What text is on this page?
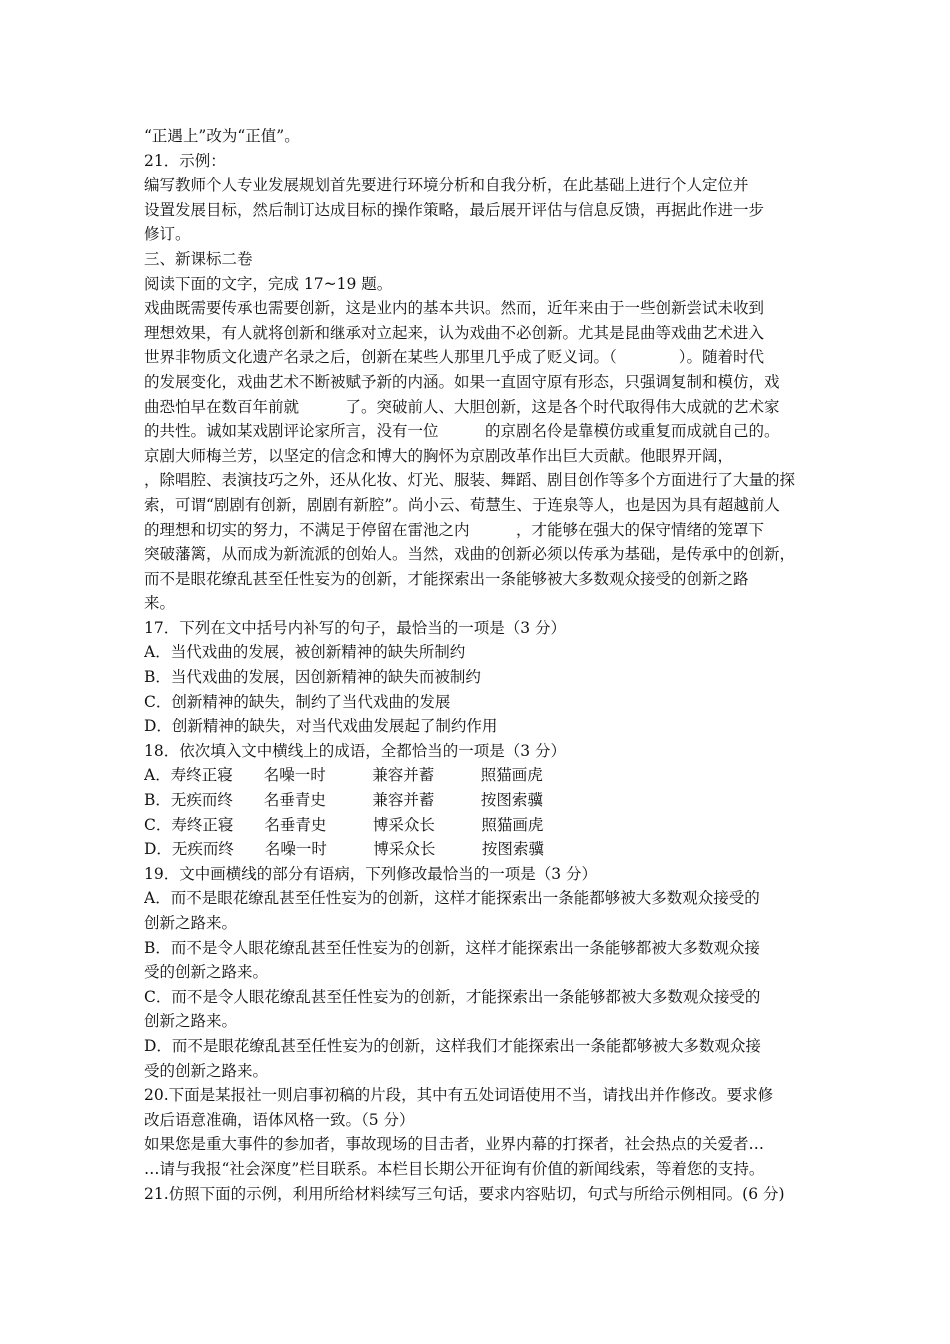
“正遇上”改为“正值”。
21．示例：
编写教师个人专业发展规划首先要进行环境分析和自我分析，在此基础上进行个人定位并
设置发展目标，然后制订达成目标的操作策略，最后展开评估与信息反馈，再据此作进一步
修订。
三、新课标二卷
阅读下面的文字，完成 17~19 题。
戏曲既需要传承也需要创新，这是业内的基本共识。然而，近年来由于一些创新尝试未收到
理想效果，有人就将创新和继承对立起来，认为戏曲不必创新。尤其是昆曲等戏曲艺术进入
世界非物质文化遗产名录之后，创新在某些人那里几乎成了贬义词。（　　　　）。随着时代
的发展变化，戏曲艺术不断被赋予新的内涵。如果一直固守原有形态，只强调复制和模仿，戏
曲恐怕早在数百年前就　　　了。突破前人、大胆创新，这是各个时代取得伟大成就的艺术家
的共性。诚如某戏剧评论家所言，没有一位　　　的京剧名伶是靠模仿或重复而成就自己的。
京剧大师梅兰芳，以坚定的信念和博大的胸怀为京剧改革作出巨大贡献。他眼界开阔，
，除唱腔、表演技巧之外，还从化妆、灯光、服装、舞蹈、剧目创作等多个方面进行了大量的探
索，可谓“剧剧有创新，剧剧有新腔”。尚小云、荀慧生、于连泉等人，也是因为具有超越前人
的理想和切实的努力，不满足于停留在雷池之内　　　，才能够在强大的保守情绪的笼罩下
突破藩篱，从而成为新流派的创始人。当然，戏曲的创新必须以传承为基础，是传承中的创新，
而不是眼花缭乱甚至任性妄为的创新，才能探索出一条能够被大多数观众接受的创新之路
来。
17．下列在文中括号内补写的句子，最恰当的一项是（3 分）
A．当代戏曲的发展，被创新精神的缺失所制约
B．当代戏曲的发展，因创新精神的缺失而被制约
C．创新精神的缺失，制约了当代戏曲的发展
D．创新精神的缺失，对当代戏曲发展起了制约作用
18．依次填入文中横线上的成语，全都恰当的一项是（3 分）
A．寿终正寝　　名噪一时　　　兼容并蓄　　　照猫画虎
B．无疾而终　　名垂青史　　　兼容并蓄　　　按图索骥
C．寿终正寝　　名垂青史　　　博采众长　　　照猫画虎
D．无疾而终　　名噪一时　　　博采众长　　　按图索骥
19．文中画横线的部分有语病，下列修改最恰当的一项是（3 分）
A．而不是眼花缭乱甚至任性妄为的创新，这样才能探索出一条能都够被大多数观众接受的
创新之路来。
B．而不是令人眼花缭乱甚至任性妄为的创新，这样才能探索出一条能够都被大多数观众接
受的创新之路来。
C．而不是令人眼花缭乱甚至任性妄为的创新，才能探索出一条能够都被大多数观众接受的
创新之路来。
D．而不是眼花缭乱甚至任性妄为的创新，这样我们才能探索出一条能都够被大多数观众接
受的创新之路来。
20.下面是某报社一则启事初稿的片段，其中有五处词语使用不当，请找出并作修改。要求修
改后语意准确，语体风格一致。（5 分）
如果您是重大事件的参加者，事故现场的目击者，业界内幕的打探者，社会热点的关爱者…
…请与我报“社会深度”栏目联系。本栏目长期公开征询有价值的新闻线索，等着您的支持。
21.仿照下面的示例，利用所给材料续写三句话，要求内容贴切，句式与所给示例相同。(6 分)
